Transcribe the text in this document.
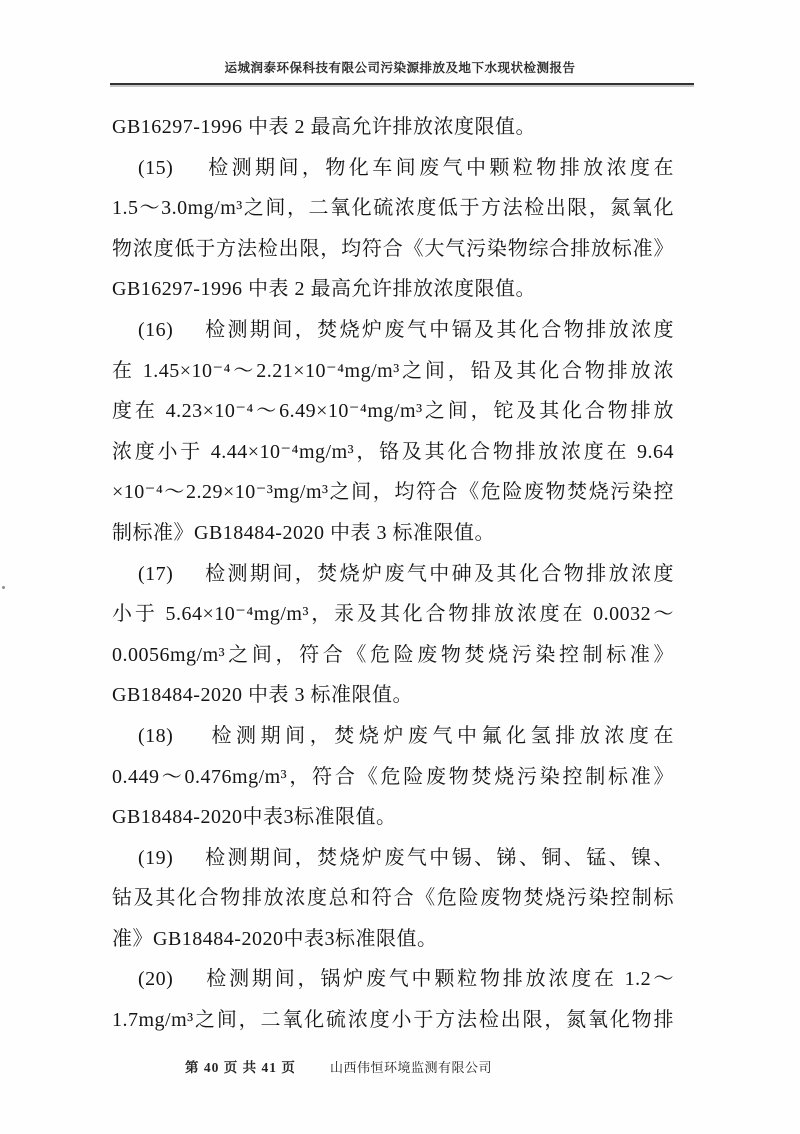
运城润泰环保科技有限公司污染源排放及地下水现状检测报告
GB16297-1996 中表 2 最高允许排放浓度限值。
(15)　 检测期间，物化车间废气中颗粒物排放浓度在
1.5～3.0mg/m³之间，二氧化硫浓度低于方法检出限，氮氧化
物浓度低于方法检出限，均符合《大气污染物综合排放标准》
GB16297-1996 中表 2 最高允许排放浓度限值。
(16)　 检测期间，焚烧炉废气中镉及其化合物排放浓度
在 1.45×10⁻⁴～2.21×10⁻⁴mg/m³之间，铅及其化合物排放浓
度在 4.23×10⁻⁴～6.49×10⁻⁴mg/m³之间，铊及其化合物排放
浓度小于 4.44×10⁻⁴mg/m³，铬及其化合物排放浓度在 9.64
×10⁻⁴～2.29×10⁻³mg/m³之间，均符合《危险废物焚烧污染控
制标准》GB18484-2020 中表 3 标准限值。
(17)　 检测期间，焚烧炉废气中砷及其化合物排放浓度
小于 5.64×10⁻⁴mg/m³，汞及其化合物排放浓度在 0.0032～
0.0056mg/m³之间，符合《危险废物焚烧污染控制标准》
GB18484-2020 中表 3 标准限值。
(18)　 检测期间，焚烧炉废气中氟化氢排放浓度在
0.449～0.476mg/m³，符合《危险废物焚烧污染控制标准》
GB18484-2020中表3标准限值。
(19)　 检测期间，焚烧炉废气中锡、锑、铜、锰、镍、
钴及其化合物排放浓度总和符合《危险废物焚烧污染控制标
准》GB18484-2020中表3标准限值。
(20)　 检测期间，锅炉废气中颗粒物排放浓度在 1.2～
1.7mg/m³之间，二氧化硫浓度小于方法检出限，氮氧化物排
第 40 页 共 41 页	山西伟恒环境监测有限公司
